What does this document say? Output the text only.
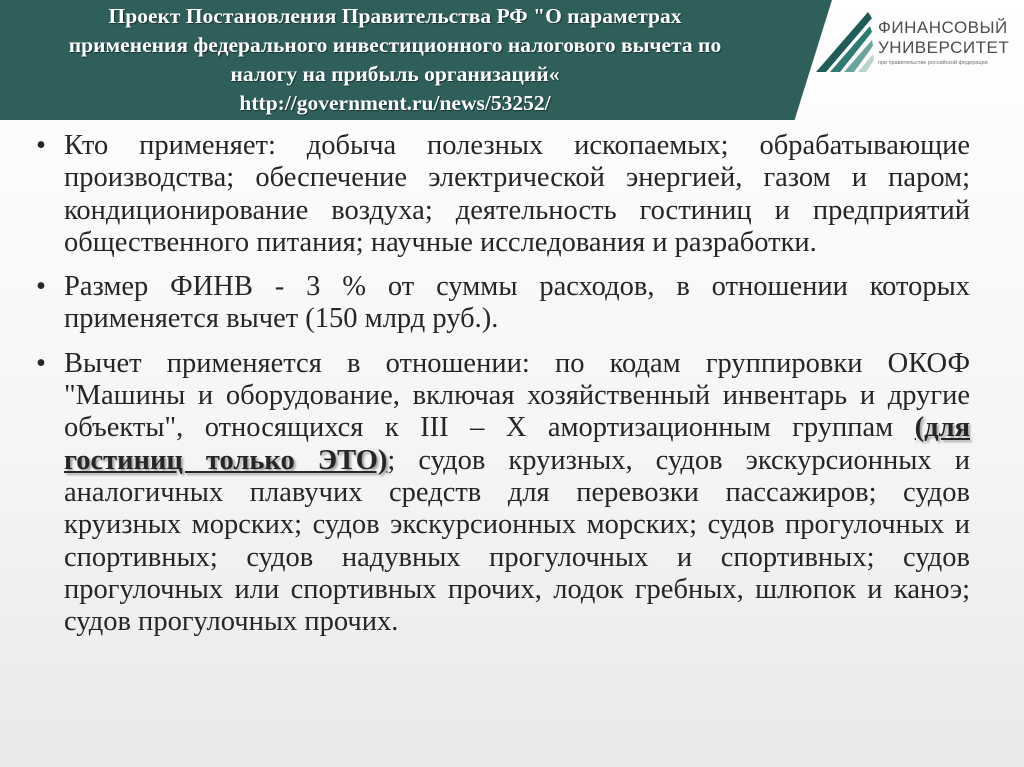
Проект Постановления Правительства РФ "О параметрах
применения федерального инвестиционного налогового вычета по
налогу на прибыль организаций«
http://government.ru/news/53252/
ФИНАНСОВЫЙ
УНИВЕРСИТЕТ
при правительстве российской федерации
• Кто применяет: добыча полезных ископаемых; обрабатывающие производства; обеспечение электрической энергией, газом и паром; кондиционирование воздуха; деятельность гостиниц и предприятий общественного питания; научные исследования и разработки.
• Размер ФИНВ - 3 % от суммы расходов, в отношении которых применяется вычет (150 млрд руб.).
• Вычет применяется в отношении: по кодам группировки ОКОФ "Машины и оборудование, включая хозяйственный инвентарь и другие объекты", относящихся к III – X амортизационным группам (для гостиниц только ЭТО); судов круизных, судов экскурсионных и аналогичных плавучих средств для перевозки пассажиров; судов круизных морских; судов экскурсионных морских; судов прогулочных и спортивных; судов надувных прогулочных и спортивных; судов прогулочных или спортивных прочих, лодок гребных, шлюпок и каноэ; судов прогулочных прочих.
